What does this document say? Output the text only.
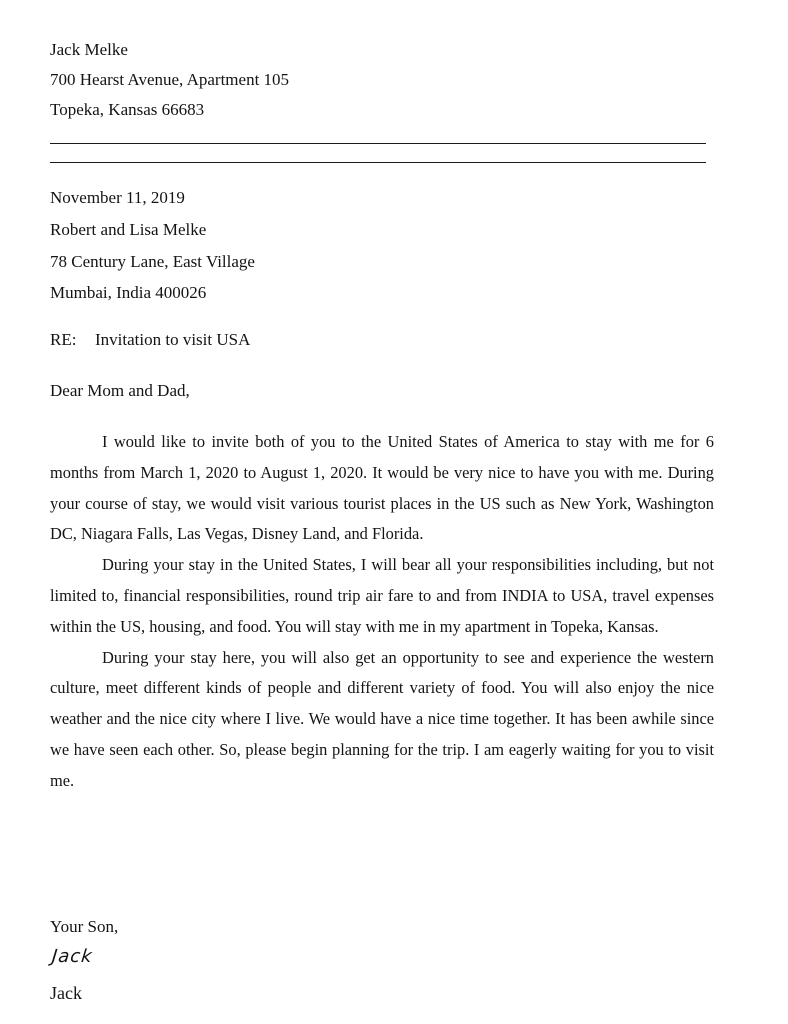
Jack Melke
700 Hearst Avenue, Apartment 105
Topeka, Kansas 66683
November 11, 2019
Robert and Lisa Melke
78 Century Lane, East Village
Mumbai, India 400026
RE: Invitation to visit USA
Dear Mom and Dad,

I would like to invite both of you to the United States of America to stay with me for 6 months from March 1, 2020 to August 1, 2020. It would be very nice to have you with me. During your course of stay, we would visit various tourist places in the US such as New York, Washington DC, Niagara Falls, Las Vegas, Disney Land, and Florida.

During your stay in the United States, I will bear all your responsibilities including, but not limited to, financial responsibilities, round trip air fare to and from INDIA to USA, travel expenses within the US, housing, and food. You will stay with me in my apartment in Topeka, Kansas.

During your stay here, you will also get an opportunity to see and experience the western culture, meet different kinds of people and different variety of food. You will also enjoy the nice weather and the nice city where I live. We would have a nice time together. It has been awhile since we have seen each other. So, please begin planning for the trip. I am eagerly waiting for you to visit me.

Your Son,
Jack
Jack
